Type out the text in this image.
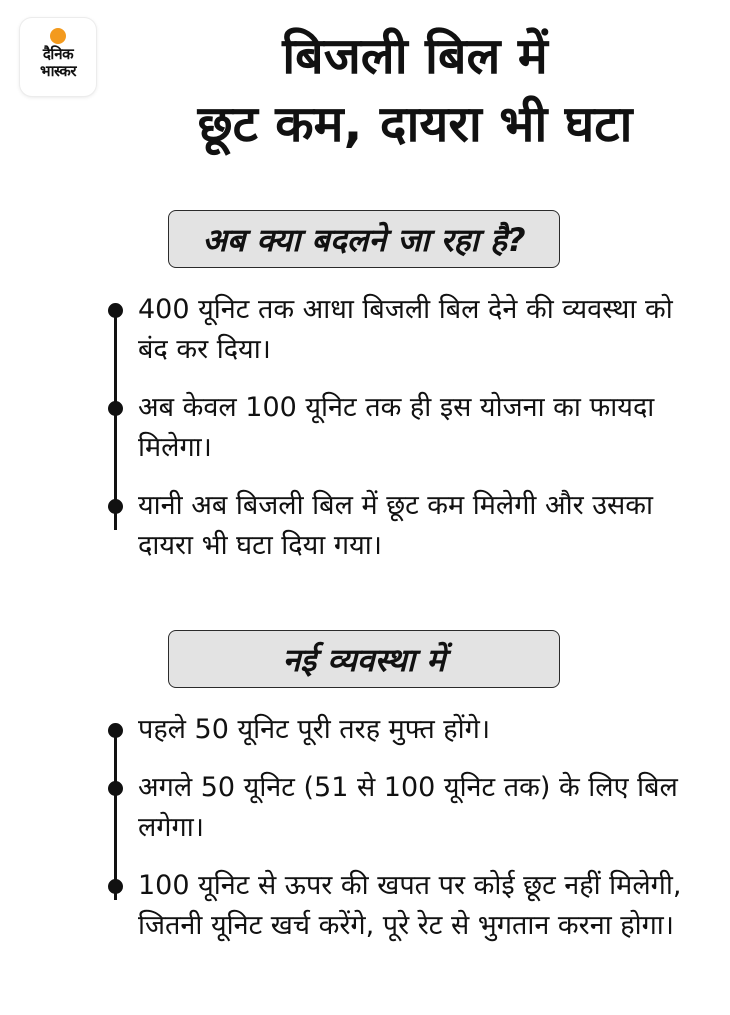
दैनिक
भास्कर	बिजली बिल में
छूट कम, दायरा भी घटा
अब क्या बदलने जा रहा है?
400 यूनिट तक आधा बिजली बिल देने की व्यवस्था को बंद कर दिया।
अब केवल 100 यूनिट तक ही इस योजना का फायदा मिलेगा।
यानी अब बिजली बिल में छूट कम मिलेगी और उसका दायरा भी घटा दिया गया।
नई व्यवस्था में
पहले 50 यूनिट पूरी तरह मुफ्त होंगे।
अगले 50 यूनिट (51 से 100 यूनिट तक) के लिए बिल लगेगा।
100 यूनिट से ऊपर की खपत पर कोई छूट नहीं मिलेगी, जितनी यूनिट खर्च करेंगे, पूरे रेट से भुगतान करना होगा।
